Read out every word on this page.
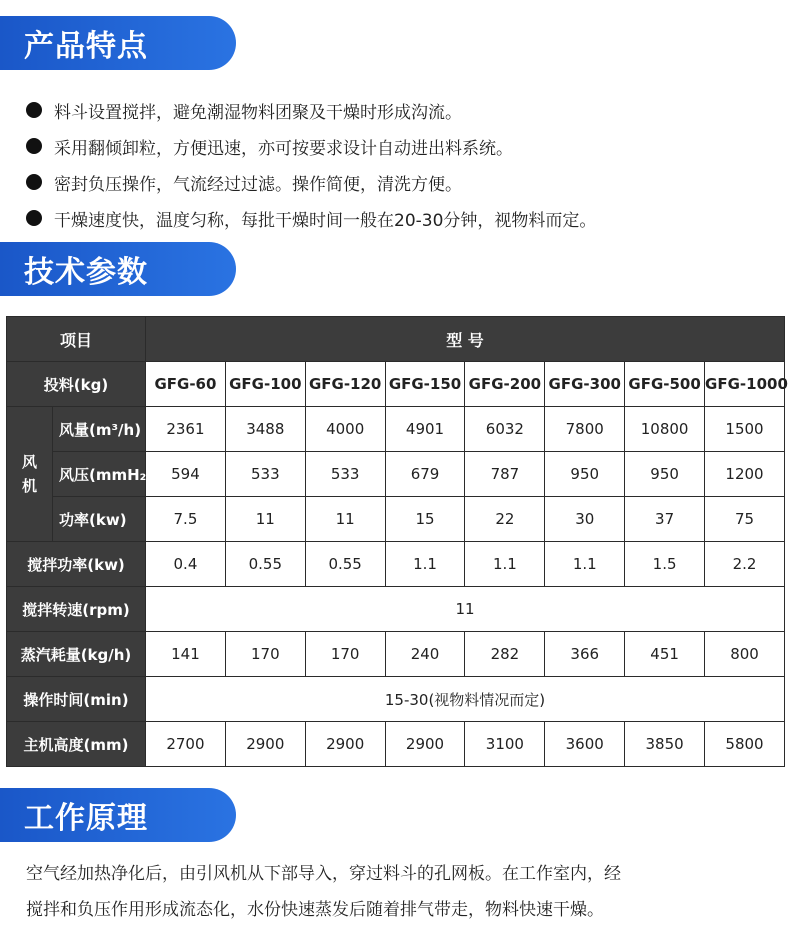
产品特点
料斗设置搅拌，避免潮湿物料团聚及干燥时形成沟流。
采用翻倾卸粒，方便迅速，亦可按要求设计自动进出料系统。
密封负压操作，气流经过过滤。操作简便，清洗方便。
干燥速度快，温度匀称，每批干燥时间一般在20-30分钟，视物料而定。
技术参数
项目		型 号							
投料(kg)		GFG-60	GFG-100	GFG-120	GFG-150	GFG-200	GFG-300	GFG-500	GFG-1000

风
机	风量(m³/h)	2361	3488	4000	4901	6032	7800	10800	1500
	风压(mmH₂O)	594	533	533	679	787	950	950	1200
	功率(kw)	7.5	11	11	15	22	30	37	75
搅拌功率(kw)		0.4	0.55	0.55	1.1	1.1	1.1	1.5	2.2
搅拌转速(rpm)		11							
蒸汽耗量(kg/h)		141	170	170	240	282	366	451	800
操作时间(min)		15-30(视物料情况而定)							
主机高度(mm)		2700	2900	2900	2900	3100	3600	3850	5800
工作原理
空气经加热净化后，由引风机从下部导入，穿过料斗的孔网板。在工作室内，经
搅拌和负压作用形成流态化，水份快速蒸发后随着排气带走，物料快速干燥。
